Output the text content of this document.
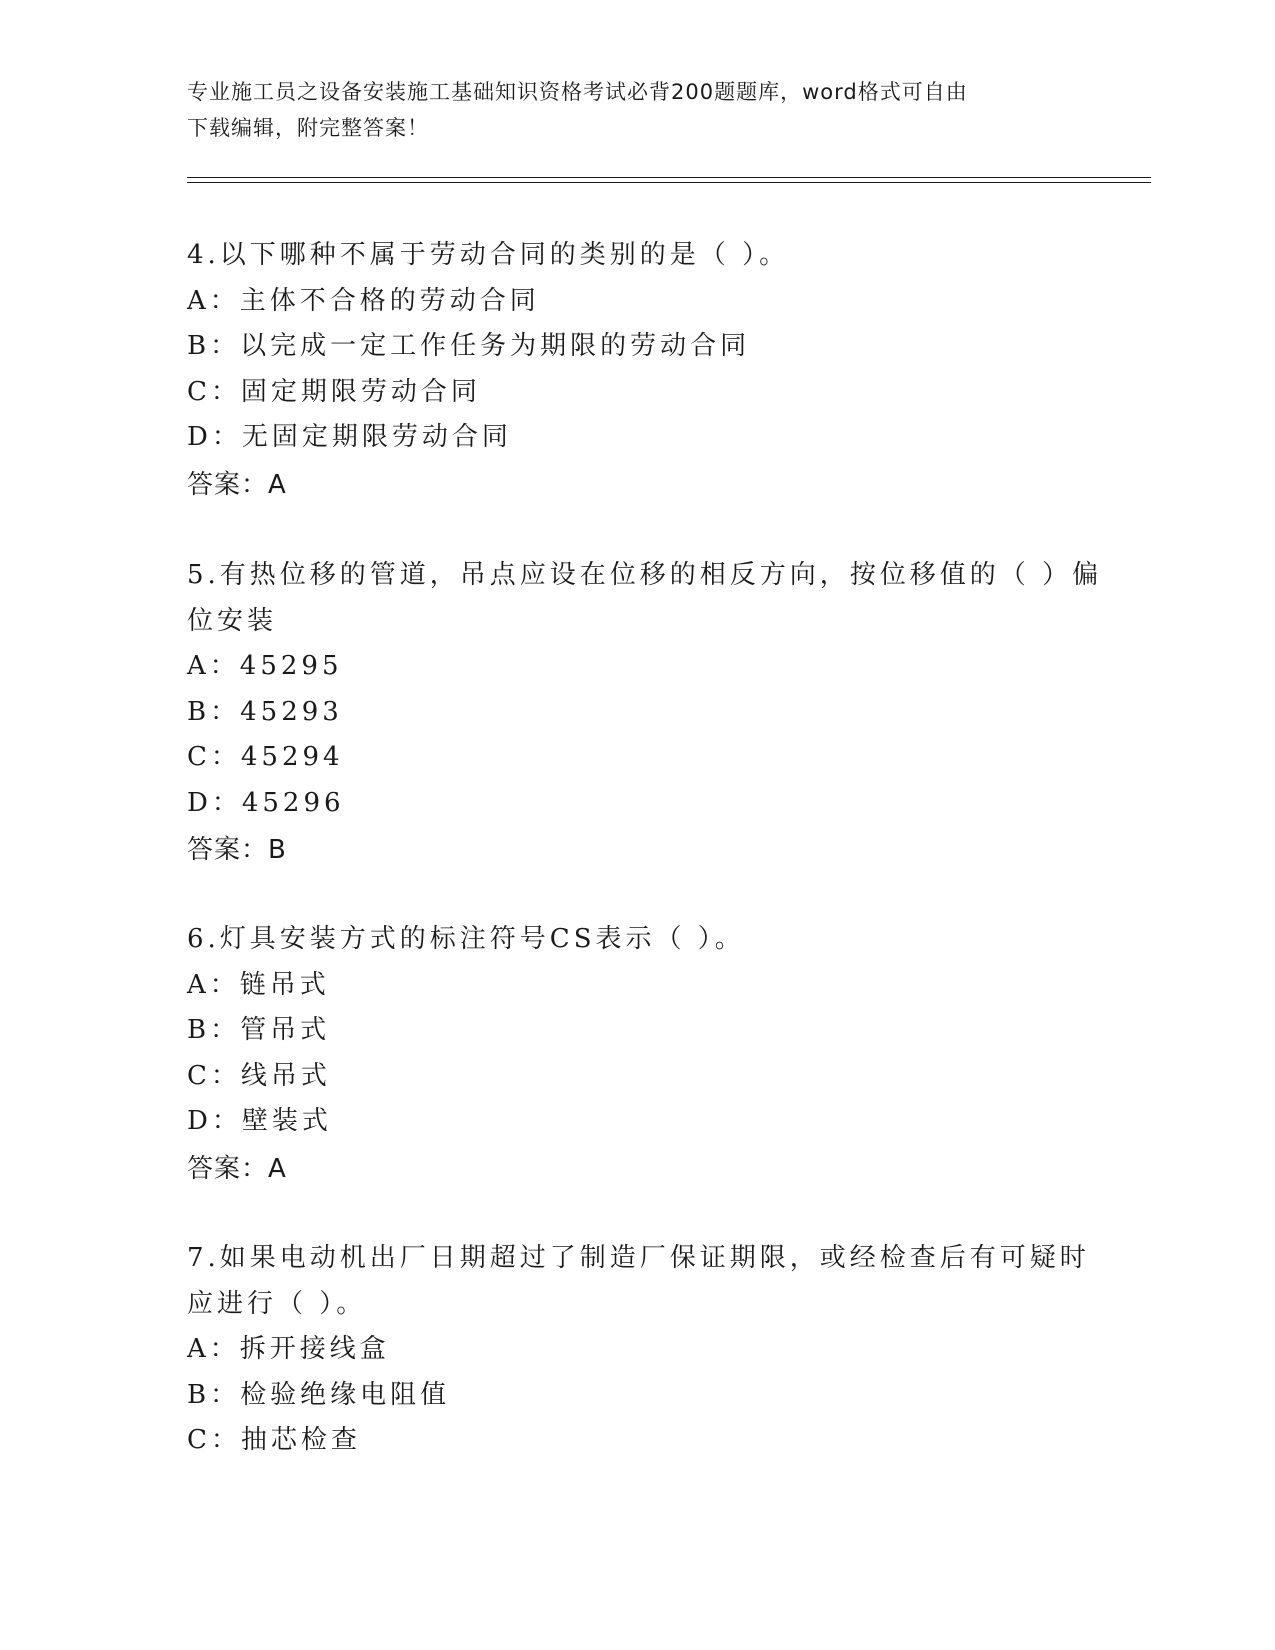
专业施工员之设备安装施工基础知识资格考试必背200题题库，word格式可自由

下载编辑，附完整答案！

4.以下哪种不属于劳动合同的类别的是（ ）。
A：主体不合格的劳动合同
B：以完成一定工作任务为期限的劳动合同
C：固定期限劳动合同
D：无固定期限劳动合同
答案：A
5.有热位移的管道，吊点应设在位移的相反方向，按位移值的（ ）偏
位安装
A：45295
B：45293
C：45294
D：45296
答案：B
6.灯具安装方式的标注符号CS表示（ ）。
A：链吊式
B：管吊式
C：线吊式
D：壁装式
答案：A
7.如果电动机出厂日期超过了制造厂保证期限，或经检查后有可疑时
应进行（ ）。
A：拆开接线盒
B：检验绝缘电阻值
C：抽芯检查
